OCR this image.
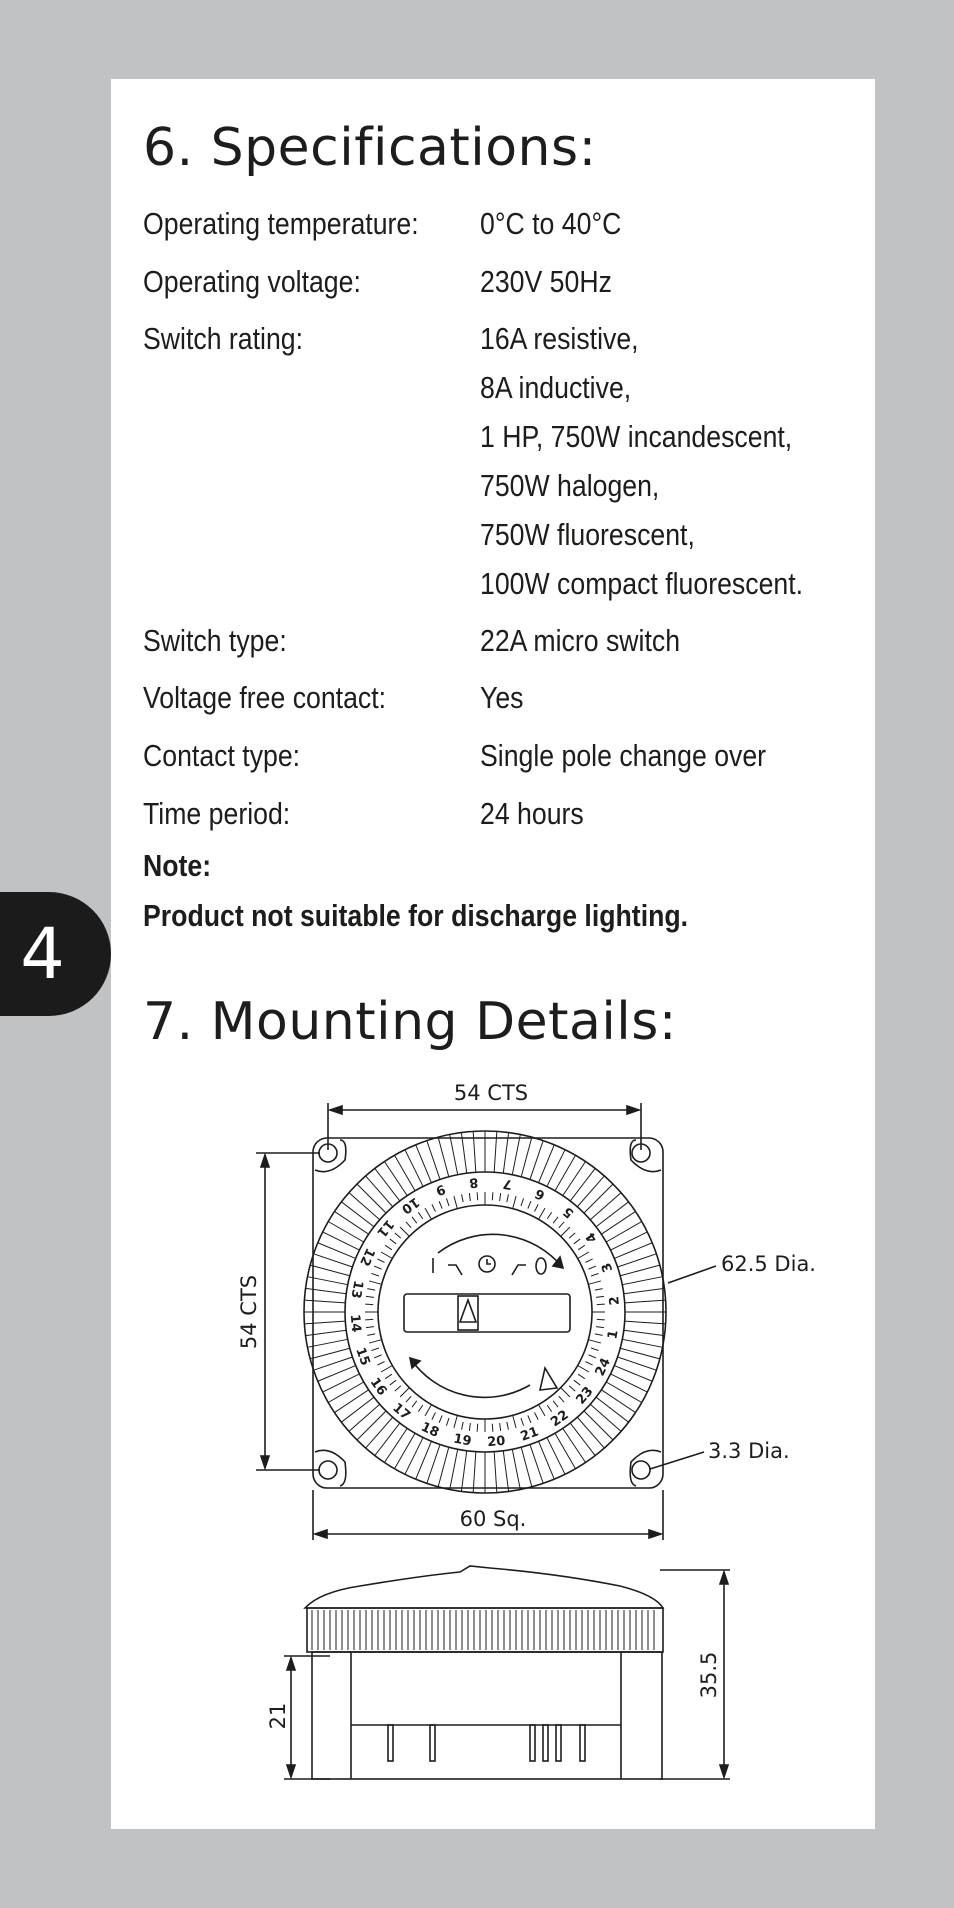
4
6. Specifications:
Operating temperature: 0°C to 40°C
Operating voltage:	230V 50Hz
Switch rating:	16A resistive,
8A inductive,
1 HP, 750W incandescent,
750W halogen,
750W fluorescent,
100W compact fluorescent.
Switch type:	22A micro switch
Voltage free contact:	Yes
Contact type:	Single pole change over
Time period:	24 hours
Note:
Product not suitable for discharge lighting.
7. Mounting Details:
54 CTS
54 CTS
62.5 Dia.
3.3 Dia.
60 Sq.
21
35.5
1
2
3
4
5
6
7
8
9
10
11
12
13
14
15
16
17
18 19 20 21
22
23
24
